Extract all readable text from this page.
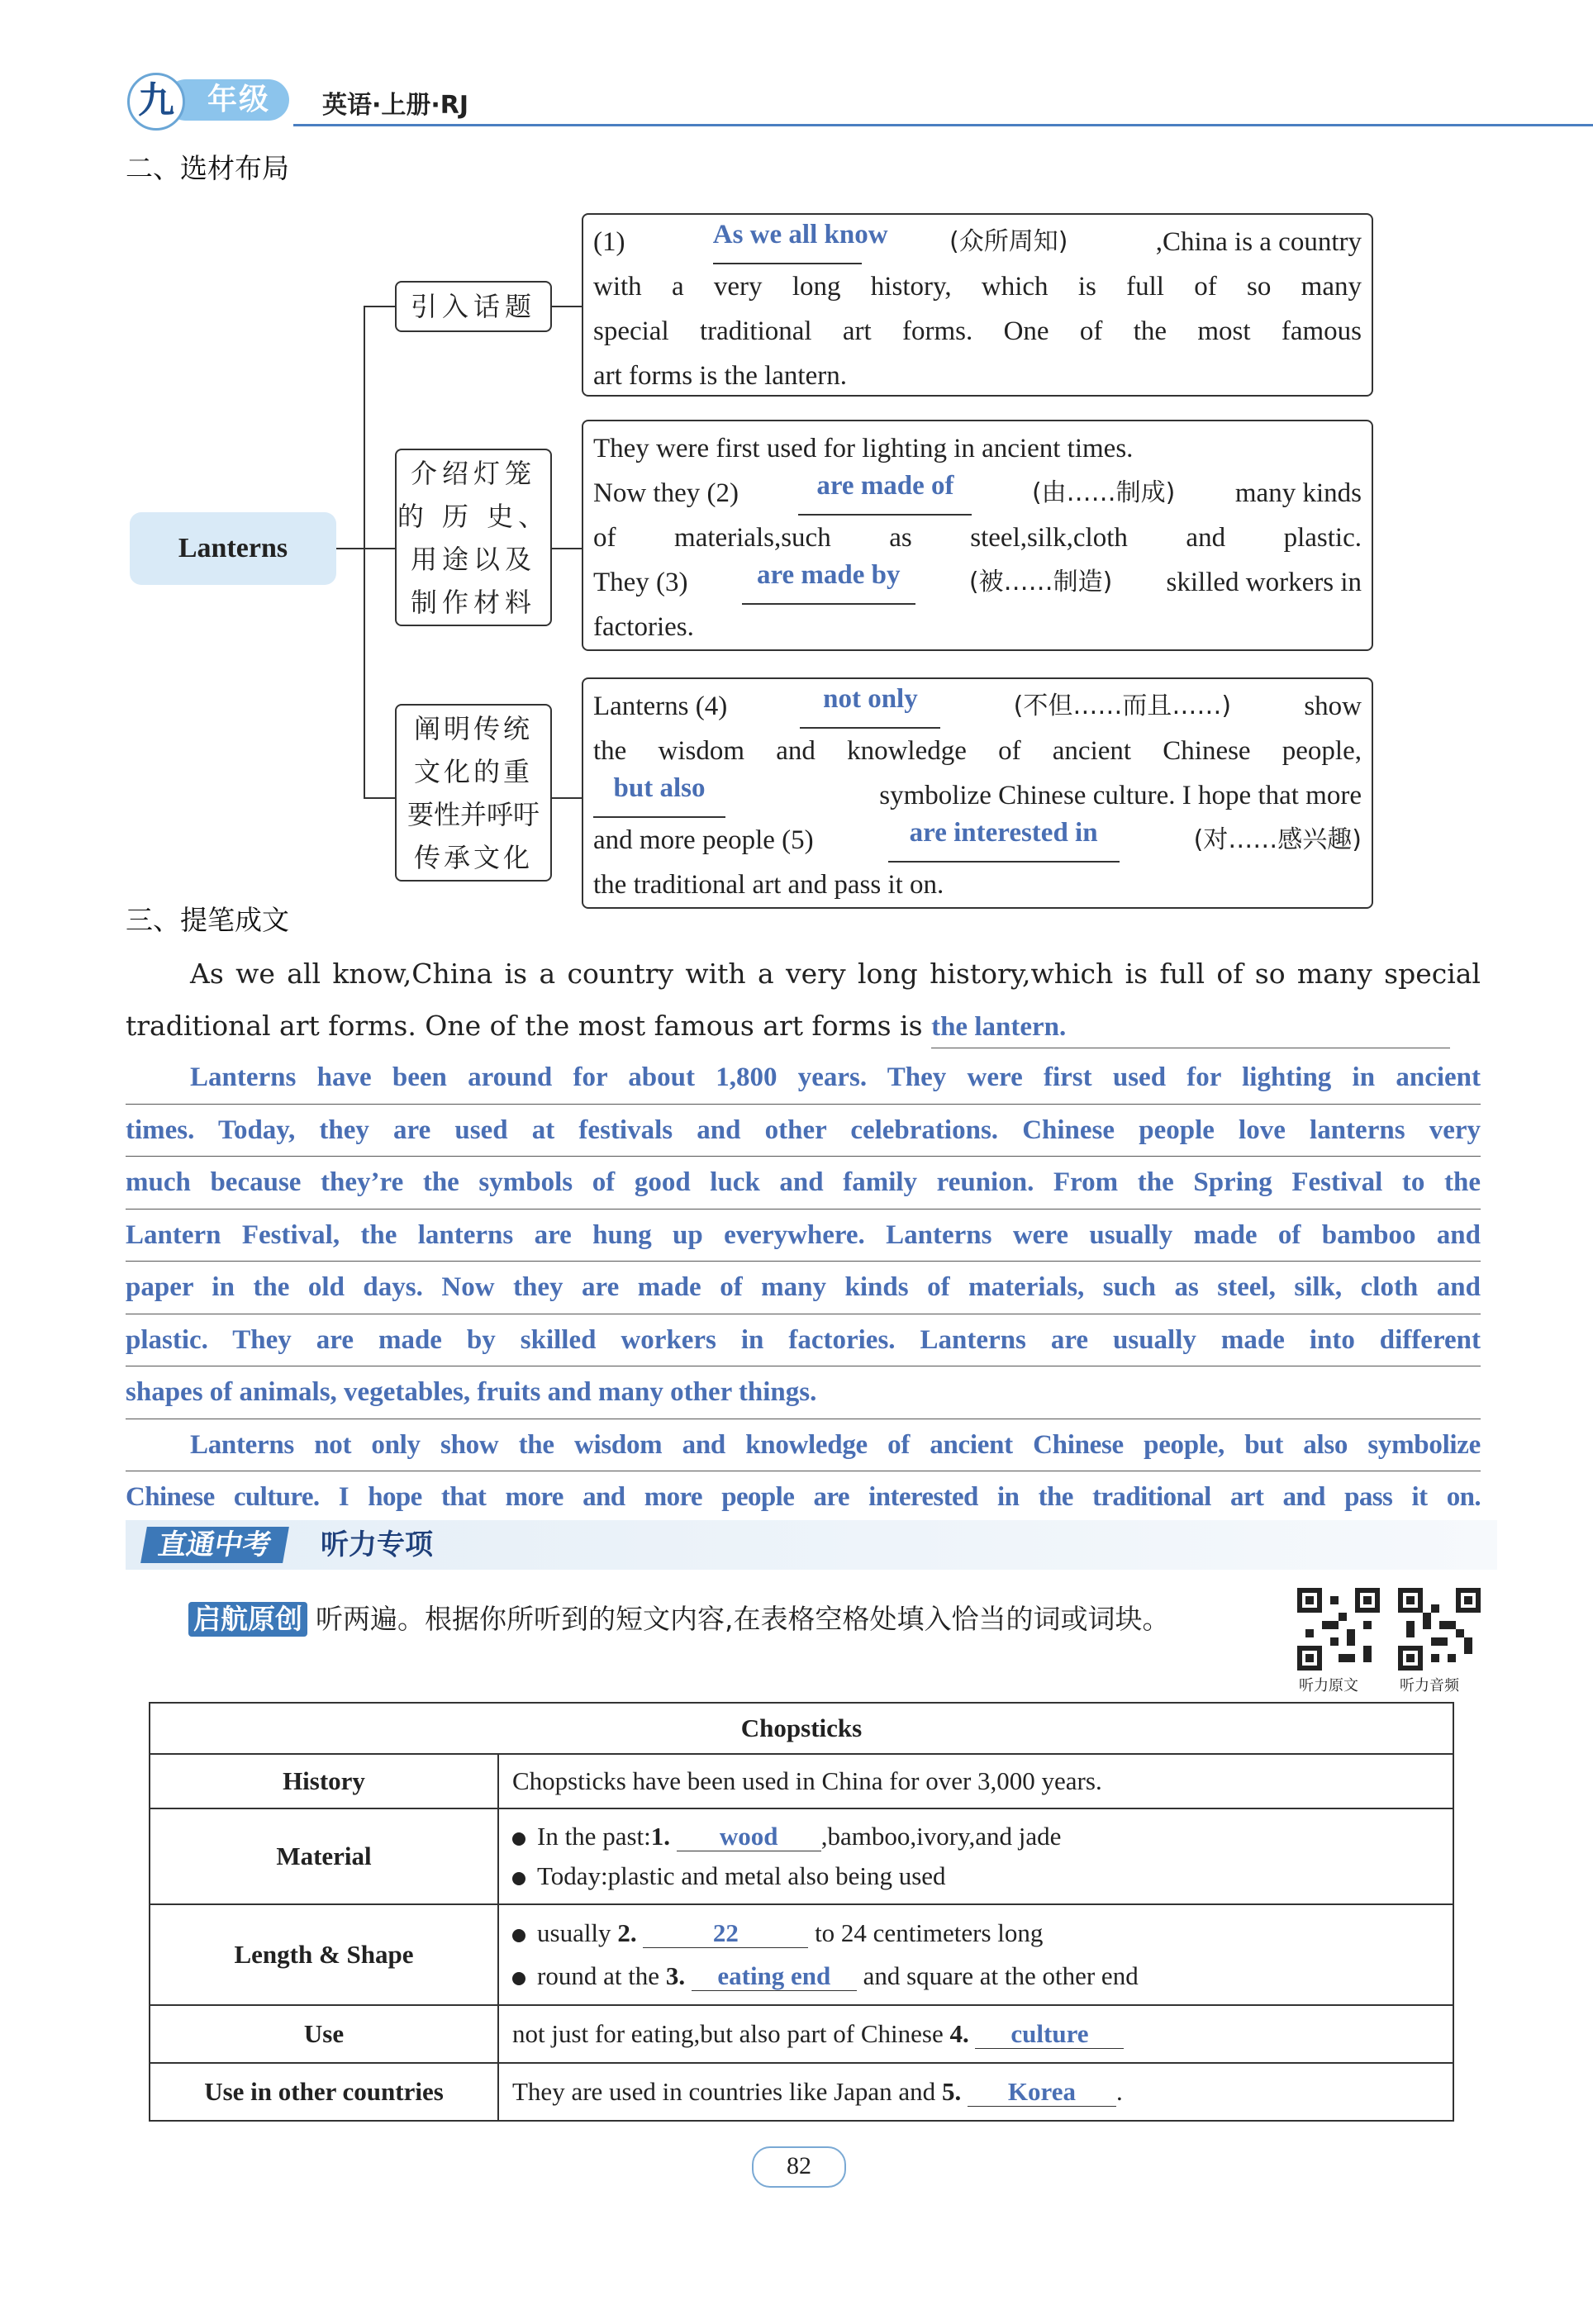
年级
九	英语·上册·RJ
二、选材布局
Lanterns
引入话题
介绍灯笼
的 历 史、
用途以及
制作材料
阐明传统
文化的重
要性并呼吁
传承文化
(1)	As we all know (众所周知)	,China is a country
with a very long history, which is full of so many
special traditional art forms. One of the most famous
art forms is the lantern.
They were first used for lighting in ancient times.
Now they (2)	are made of	(由……制成) many kinds
of materials,such as steel,silk,cloth and plastic.
They (3)	are made by	(被……制造) skilled workers in
factories.
Lanterns (4)	not only	(不但……而且……)	show
the wisdom and knowledge of ancient Chinese people,
but also	symbolize Chinese culture. I hope that more
and more people (5)	are interested in	(对……感兴趣)
the traditional art and pass it on.
三、提笔成文
As we all know,China is a country with a very long history,which is full of so many special
traditional art forms. One of the most famous art forms is the lantern.
Lanterns have been around for about 1,800 years. They were first used for lighting in ancient
times. Today, they are used at festivals and other celebrations. Chinese people love lanterns very
much because they’re the symbols of good luck and family reunion. From the Spring Festival to the
Lantern Festival, the lanterns are hung up everywhere. Lanterns were usually made of bamboo and
paper in the old days. Now they are made of many kinds of materials, such as steel, silk, cloth and
plastic. They are made by skilled workers in factories. Lanterns are usually made into different
shapes of animals, vegetables, fruits and many other things.
Lanterns not only show the wisdom and knowledge of ancient Chinese people, but also symbolize
Chinese culture. I hope that more and more people are interested in the traditional art and pass it on.
直通中考	听力专项
启航原创 听两遍。根据你所听到的短文内容,在表格空格处填入恰当的词或词块。
听力原文	听力音频
Chopsticks	
History	Chopsticks have been used in China for over 3,000 years.
Material	In the past:1. wood ,bamboo,ivory,and jade
Today:plastic and metal also being used

Length & Shape	usually 2. 22 to 24 centimeters long
round at the 3. eating end and square at the other end

Use	not just for eating,but also part of Chinese 4. culture
Use in other countries	They are used in countries like Japan and 5. Korea .
82
